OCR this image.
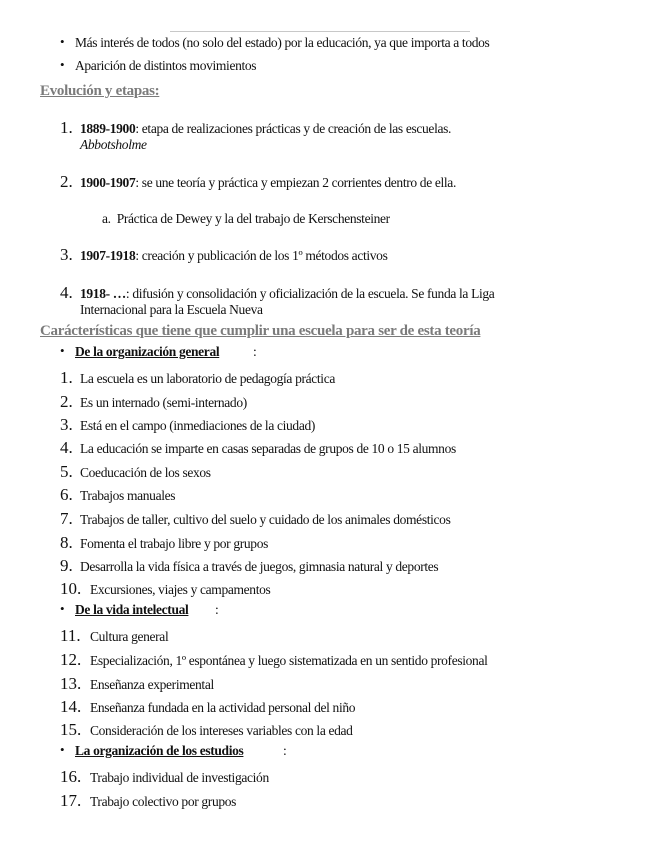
• Más interés de todos (no solo del estado) por la educación, ya que importa a todos
• Aparición de distintos movimientos
Evolución y etapas:
1. 1889-1900: etapa de realizaciones prácticas y de creación de las escuelas.
Abbotsholme
2. 1900-1907: se une teoría y práctica y empiezan 2 corrientes dentro de ella.
a. Práctica de Dewey y la del trabajo de Kerschensteiner
3. 1907-1918: creación y publicación de los 1º métodos activos
4. 1918- …: difusión y consolidación y oficialización de la escuela. Se funda la Liga
Internacional para la Escuela Nueva
Carácterísticas que tiene que cumplir una escuela para ser de esta teoría
• De la organización general	:
1. La escuela es un laboratorio de pedagogía práctica
2. Es un internado (semi-internado)
3. Está en el campo (inmediaciones de la ciudad)
4. La educación se imparte en casas separadas de grupos de 10 o 15 alumnos
5. Coeducación de los sexos
6. Trabajos manuales
7. Trabajos de taller, cultivo del suelo y cuidado de los animales domésticos
8. Fomenta el trabajo libre y por grupos
9. Desarrolla la vida física a través de juegos, gimnasia natural y deportes
10. Excursiones, viajes y campamentos
• De la vida intelectual :
11. Cultura general
12. Especialización, 1º espontánea y luego sistematizada en un sentido profesional
13. Enseñanza experimental
14. Enseñanza fundada en la actividad personal del niño
15. Consideración de los intereses variables con la edad
• La organización de los estudios	:
16. Trabajo individual de investigación
17. Trabajo colectivo por grupos
